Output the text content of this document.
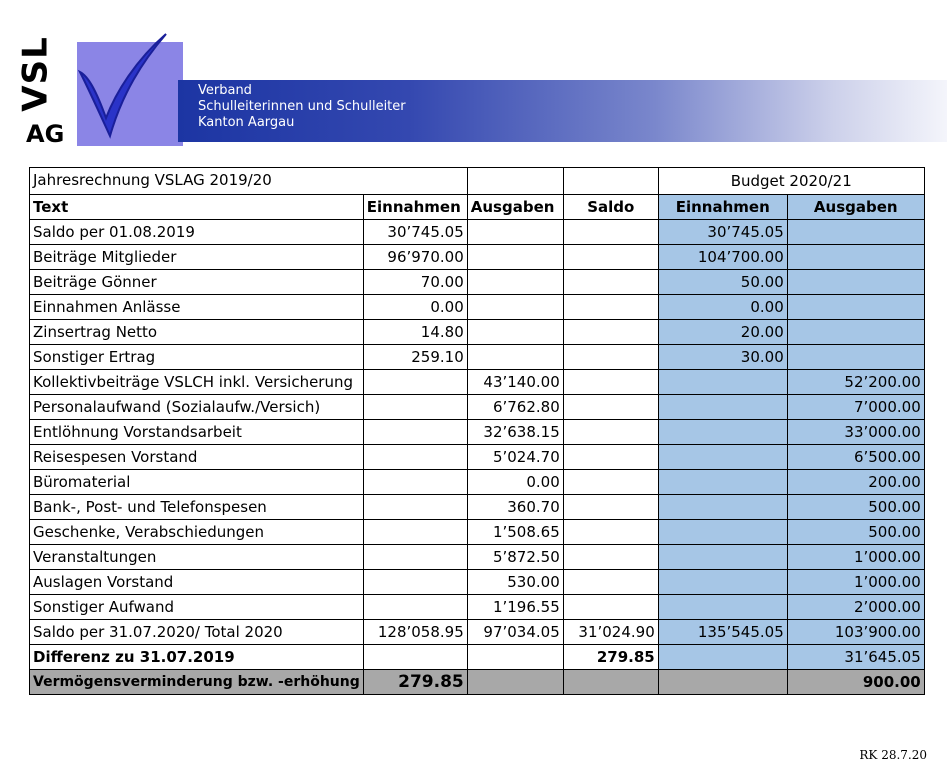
VSL
AG
Verband
Schulleiterinnen und Schulleiter
Kanton Aargau
Jahresrechnung VSLAG 2019/20				Budget 2020/21	
Text	Einnahmen	Ausgaben	Saldo	Einnahmen	Ausgaben
Saldo per 01.08.2019	30’745.05			30’745.05	
Beiträge Mitglieder	96’970.00			104’700.00	
Beiträge Gönner	70.00			50.00	
Einnahmen Anlässe	0.00			0.00	
Zinsertrag Netto	14.80			20.00	
Sonstiger Ertrag	259.10			30.00	
Kollektivbeiträge VSLCH inkl. Versicherung		43’140.00			52’200.00
Personalaufwand (Sozialaufw./Versich)		6’762.80			7’000.00
Entlöhnung Vorstandsarbeit		32’638.15			33’000.00
Reisespesen Vorstand		5’024.70			6’500.00
Büromaterial		0.00			200.00
Bank-, Post- und Telefonspesen		360.70			500.00
Geschenke, Verabschiedungen		1’508.65			500.00
Veranstaltungen		5’872.50			1’000.00
Auslagen Vorstand		530.00			1’000.00
Sonstiger Aufwand		1’196.55			2’000.00
Saldo per 31.07.2020/ Total 2020	128’058.95	97’034.05	31’024.90	135’545.05	103’900.00
Differenz zu 31.07.2019			279.85		31’645.05
Vermögensverminderung bzw. -erhöhung	279.85				900.00
RK 28.7.20
